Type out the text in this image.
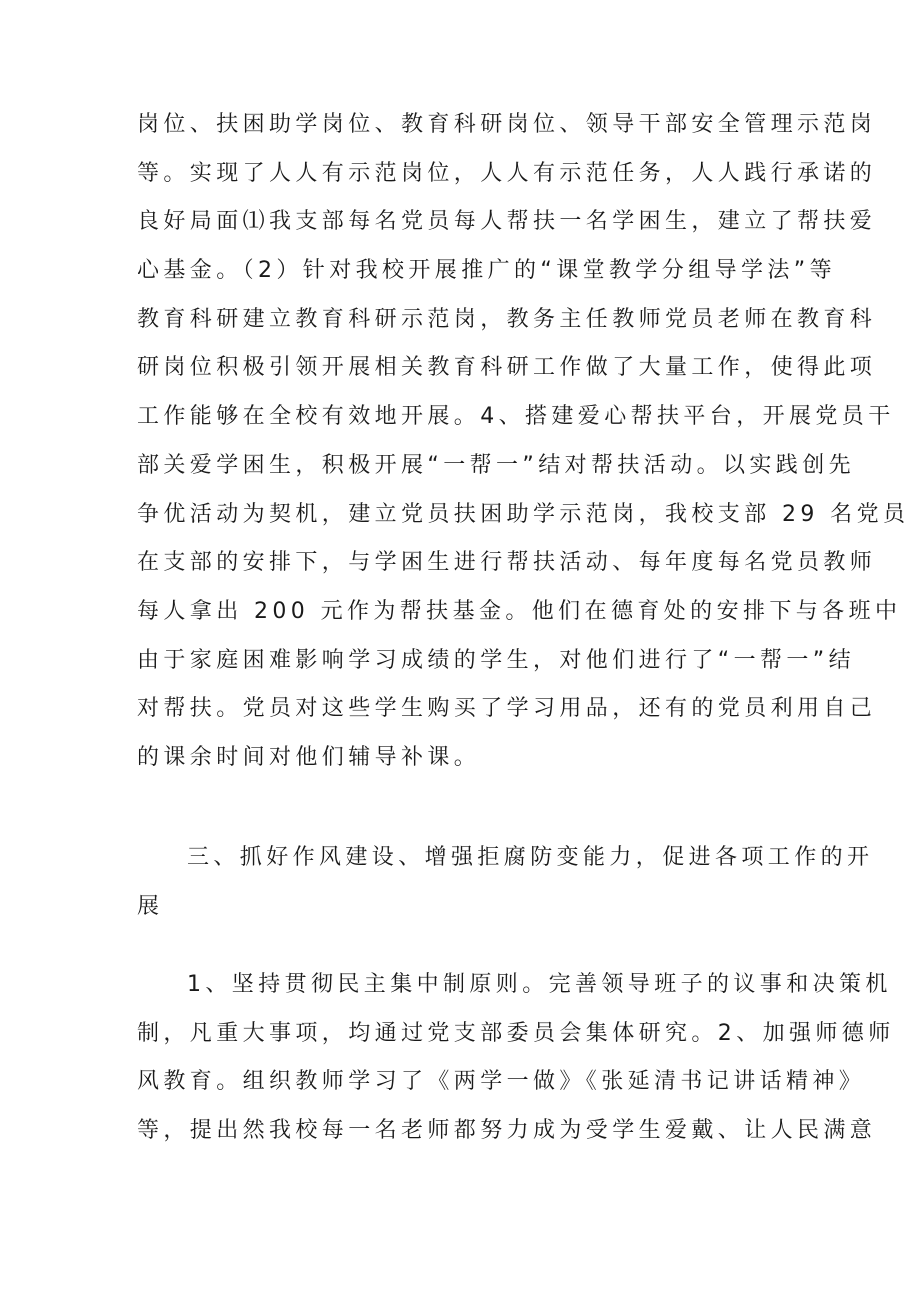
岗位、扶困助学岗位、教育科研岗位、领导干部安全管理示范岗
等。实现了人人有示范岗位，人人有示范任务，人人践行承诺的
良好局面⑴我支部每名党员每人帮扶一名学困生，建立了帮扶爱
心基金。（2）针对我校开展推广的“课堂教学分组导学法”等
教育科研建立教育科研示范岗，教务主任教师党员老师在教育科
研岗位积极引领开展相关教育科研工作做了大量工作，使得此项
工作能够在全校有效地开展。4、搭建爱心帮扶平台，开展党员干
部关爱学困生，积极开展“一帮一”结对帮扶活动。以实践创先
争优活动为契机，建立党员扶困助学示范岗，我校支部 29 名党员
在支部的安排下，与学困生进行帮扶活动、每年度每名党员教师
每人拿出 200 元作为帮扶基金。他们在德育处的安排下与各班中
由于家庭困难影响学习成绩的学生，对他们进行了“一帮一”结
对帮扶。党员对这些学生购买了学习用品，还有的党员利用自己
的课余时间对他们辅导补课。
三、抓好作风建设、增强拒腐防变能力，促进各项工作的开
展
1、坚持贯彻民主集中制原则。完善领导班子的议事和决策机
制，凡重大事项，均通过党支部委员会集体研究。2、加强师德师
风教育。组织教师学习了《两学一做》《张延清书记讲话精神》
等，提出然我校每一名老师都努力成为受学生爱戴、让人民满意
